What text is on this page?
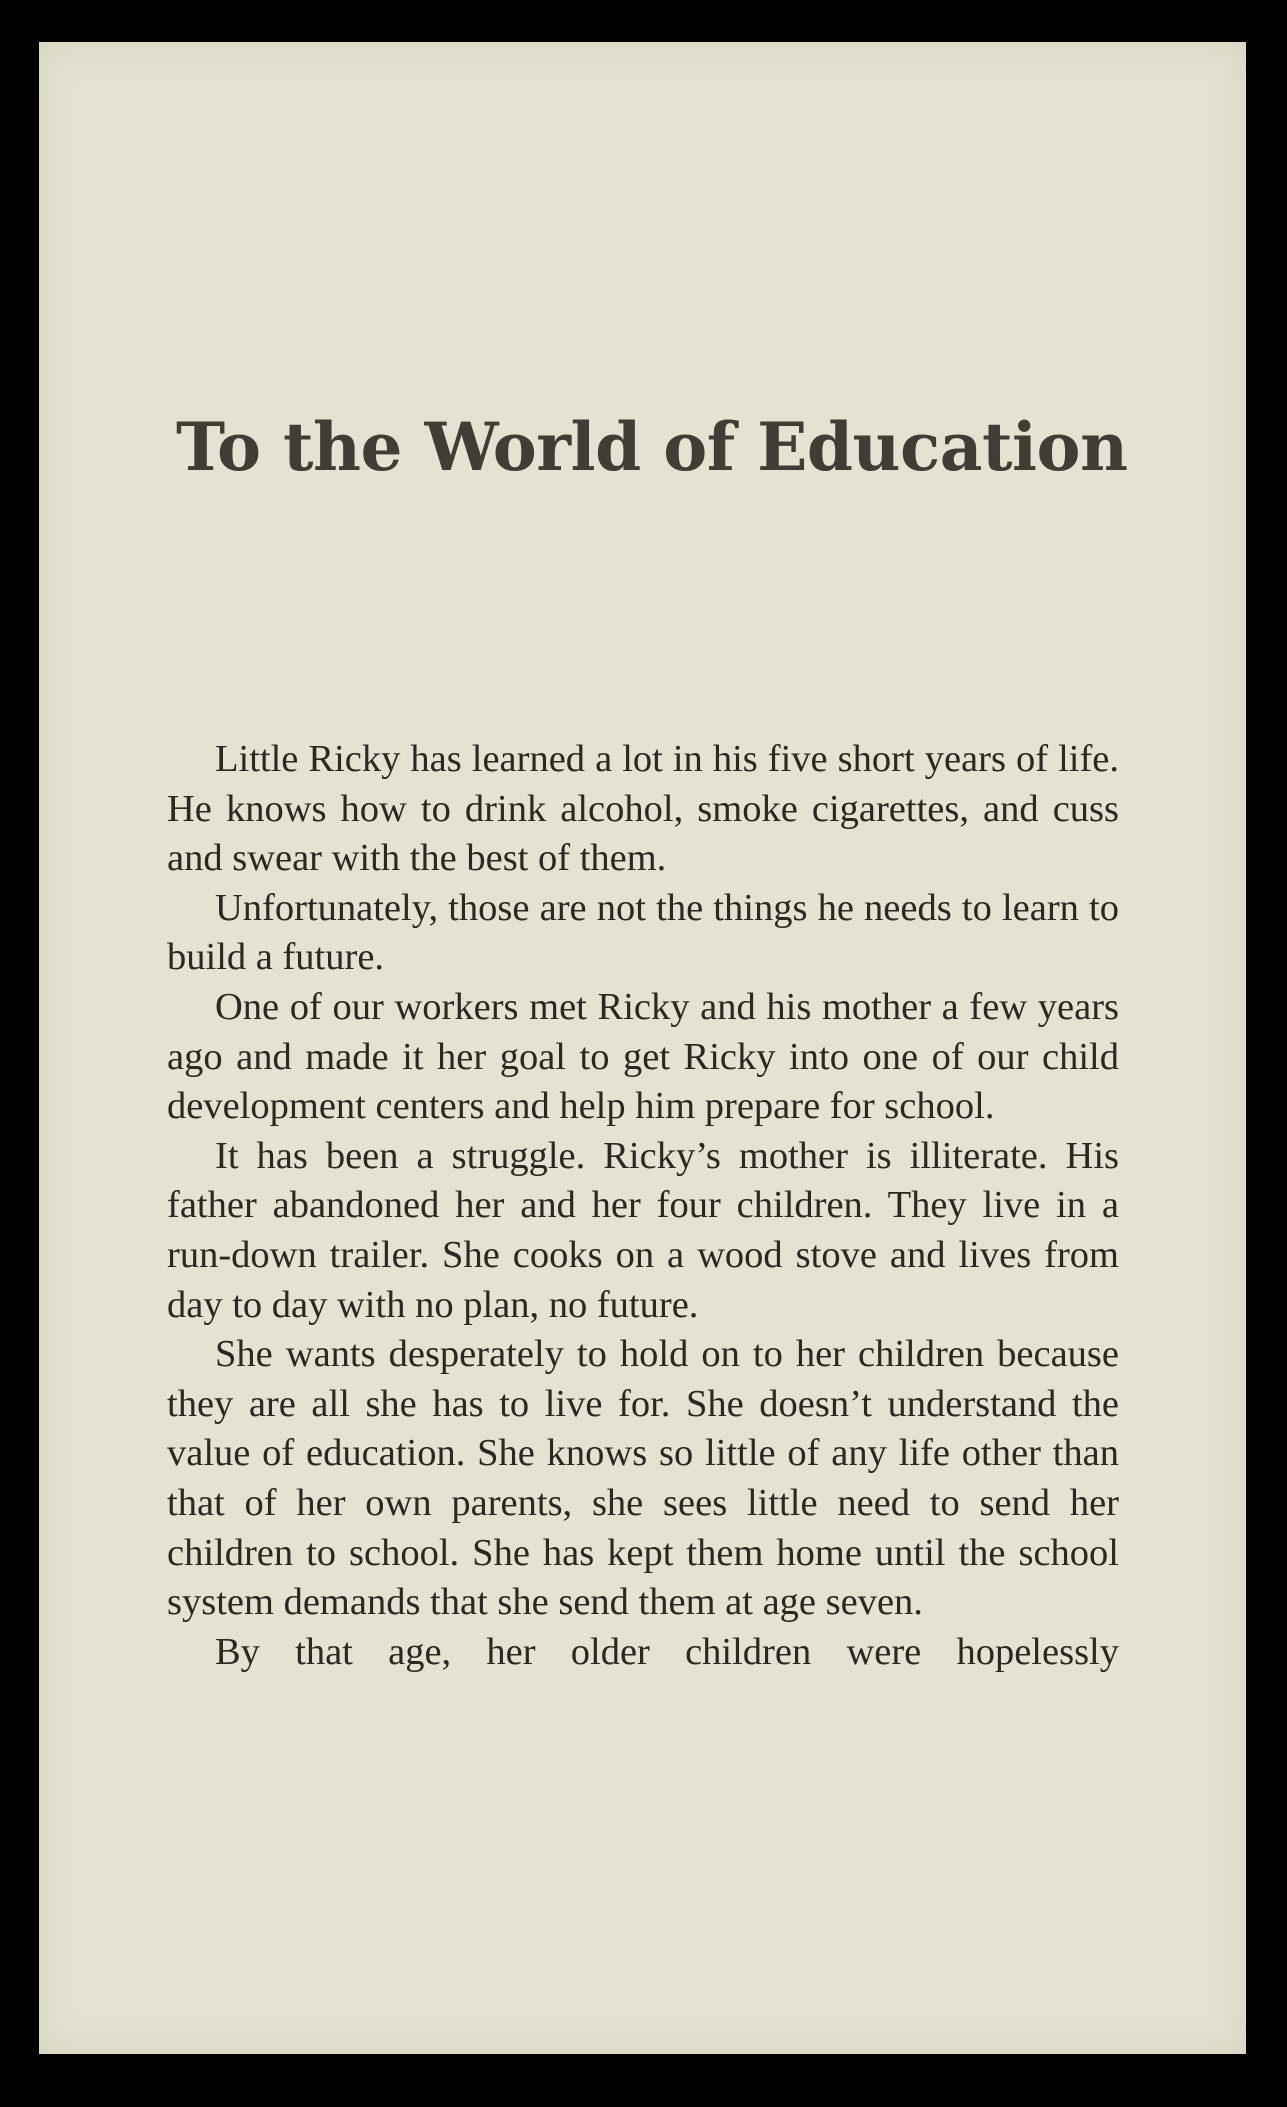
To the World of Education

Little Ricky has learned a lot in his five short years of life. He knows how to drink alcohol, smoke cigarettes, and cuss and swear with the best of them.

Unfortunately, those are not the things he needs to learn to build a future.

One of our workers met Ricky and his mother a few years ago and made it her goal to get Ricky into one of our child development centers and help him prepare for school.

It has been a struggle. Ricky’s mother is illiterate. His father abandoned her and her four children. They live in a run-down trailer. She cooks on a wood stove and lives from day to day with no plan, no future.

She wants desperately to hold on to her children because they are all she has to live for. She doesn’t understand the value of education. She knows so little of any life other than that of her own parents, she sees little need to send her children to school. She has kept them home until the school system demands that she send them at age seven.

By that age, her older children were hopelessly
